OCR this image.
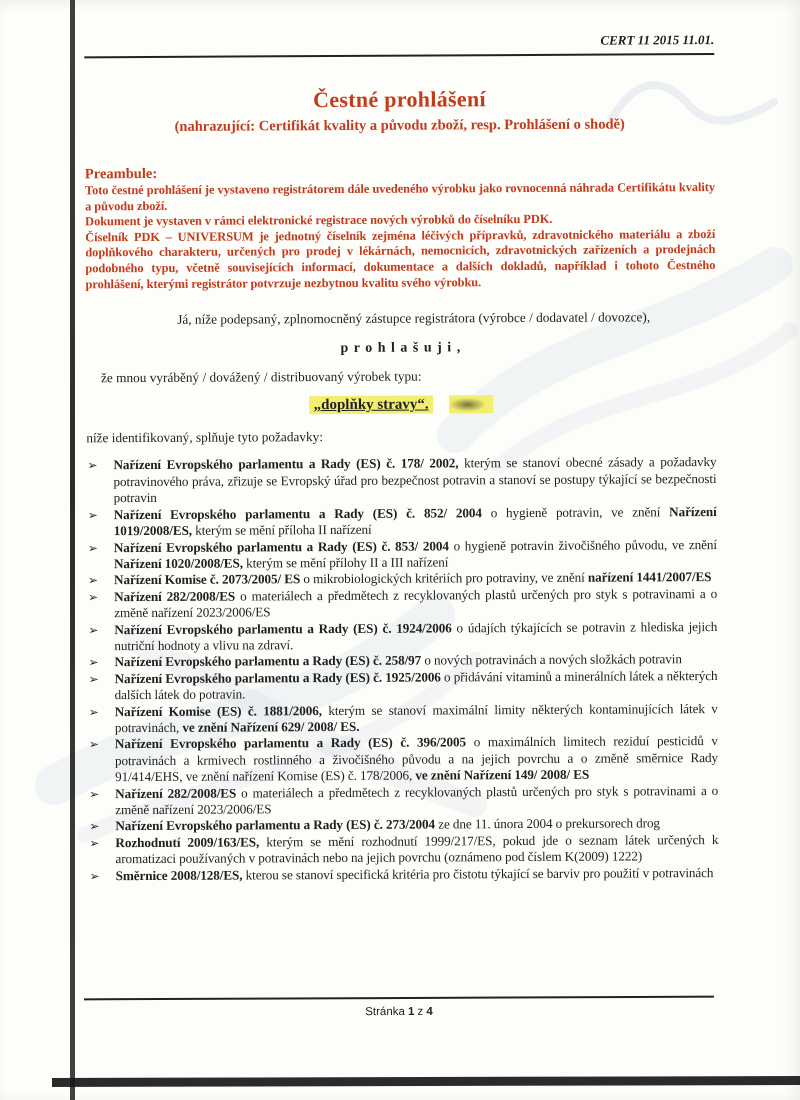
CERT 11 2015 11.01.
Čestné prohlášení
(nahrazující: Certifikát kvality a původu zboží, resp. Prohlášení o shodě)
Preambule:

Toto čestné prohlášení je vystaveno registrátorem dále uvedeného výrobku jako rovnocenná náhrada Certifikátu kvality a původu zboží.

Dokument je vystaven v rámci elektronické registrace nových výrobků do číselníku PDK.

Číselník PDK – UNIVERSUM je jednotný číselník zejména léčivých přípravků, zdravotnického materiálu a zboží doplňkového charakteru, určených pro prodej v lékárnách, nemocnicích, zdravotnických zařízeních a prodejnách podobného typu, včetně souvisejících informací, dokumentace a dalších dokladů, například i tohoto Čestného prohlášení, kterými registrátor potvrzuje nezbytnou kvalitu svého výrobku.

Já, níže podepsaný, zplnomocněný zástupce registrátora (výrobce / dodavatel / dovozce),

p r o h l a š u j i ,

že mnou vyráběný / dovážený / distribuovaný výrobek typu:

„doplňky stravy“.

níže identifikovaný, splňuje tyto požadavky:

➢	Nařízení Evropského parlamentu a Rady (ES) č. 178/ 2002, kterým se stanoví obecné zásady a požadavky potravinového práva, zřizuje se Evropský úřad pro bezpečnost potravin a stanoví se postupy týkající se bezpečnosti potravin
➢	Nařízení Evropského parlamentu a Rady (ES) č. 852/ 2004 o hygieně potravin, ve znění Nařízení 1019/2008/ES, kterým se mění příloha II nařízení
➢	Nařízení Evropského parlamentu a Rady (ES) č. 853/ 2004 o hygieně potravin živočišného původu, ve znění Nařízení 1020/2008/ES, kterým se mění přílohy II a III nařízení
➢	Nařízení Komise č. 2073/2005/ ES o mikrobiologických kritériích pro potraviny, ve znění nařízení 1441/2007/ES
➢	Nařízení 282/2008/ES o materiálech a předmětech z recyklovaných plastů určených pro styk s potravinami a o změně nařízení 2023/2006/ES
➢	Nařízení Evropského parlamentu a Rady (ES) č. 1924/2006 o údajích týkajících se potravin z hlediska jejich nutriční hodnoty a vlivu na zdraví.
➢	Nařízení Evropského parlamentu a Rady (ES) č. 258/97 o nových potravinách a nových složkách potravin
➢	Nařízení Evropského parlamentu a Rady (ES) č. 1925/2006 o přidávání vitaminů a minerálních látek a některých dalších látek do potravin.
➢	Nařízení Komise (ES) č. 1881/2006, kterým se stanoví maximální limity některých kontaminujících látek v potravinách, ve znění Nařízení 629/ 2008/ ES.
➢	Nařízení Evropského parlamentu a Rady (ES) č. 396/2005 o maximálních limitech reziduí pesticidů v potravinách a krmivech rostlinného a živočišného původu a na jejich povrchu a o změně směrnice Rady 91/414/EHS, ve znění nařízení Komise (ES) č. 178/2006, ve znění Nařízení 149/ 2008/ ES
➢	Nařízení 282/2008/ES o materiálech a předmětech z recyklovaných plastů určených pro styk s potravinami a o změně nařízení 2023/2006/ES
➢	Nařízení Evropského parlamentu a Rady (ES) č. 273/2004 ze dne 11. února 2004 o prekursorech drog
➢	Rozhodnutí 2009/163/ES, kterým se mění rozhodnutí 1999/217/ES, pokud jde o seznam látek určených k aromatizaci používaných v potravinách nebo na jejich povrchu (oznámeno pod číslem K(2009) 1222)
➢	Směrnice 2008/128/ES, kterou se stanoví specifická kritéria pro čistotu týkající se barviv pro použití v potravinách
Stránka 1 z 4
